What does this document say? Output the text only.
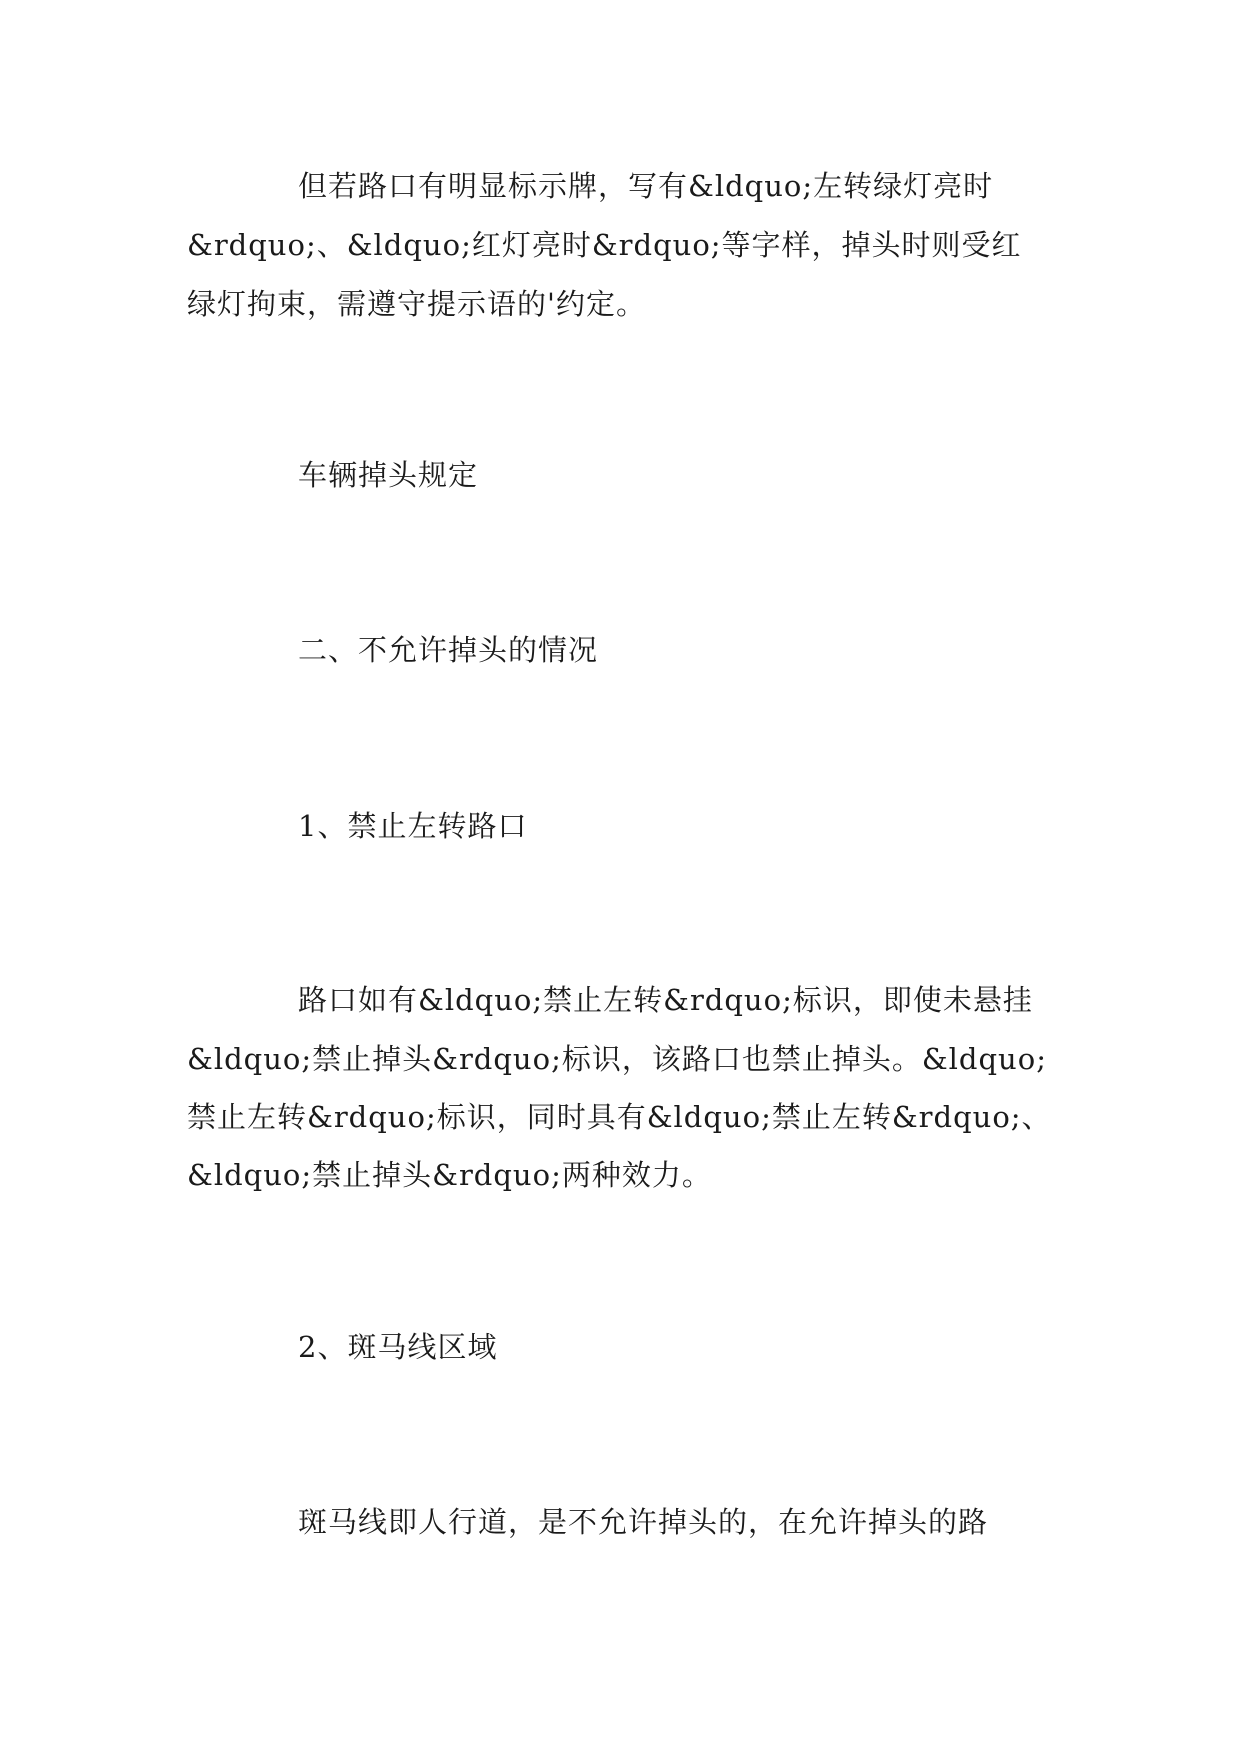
但若路口有明显标示牌，写有&ldquo;左转绿灯亮时
&rdquo;、&ldquo;红灯亮时&rdquo;等字样，掉头时则受红
绿灯拘束，需遵守提示语的'约定。
车辆掉头规定
二、不允许掉头的情况
1、禁止左转路口
路口如有&ldquo;禁止左转&rdquo;标识，即使未悬挂
&ldquo;禁止掉头&rdquo;标识，该路口也禁止掉头。&ldquo;
禁止左转&rdquo;标识，同时具有&ldquo;禁止左转&rdquo;、
&ldquo;禁止掉头&rdquo;两种效力。
2、斑马线区域
斑马线即人行道，是不允许掉头的，在允许掉头的路
